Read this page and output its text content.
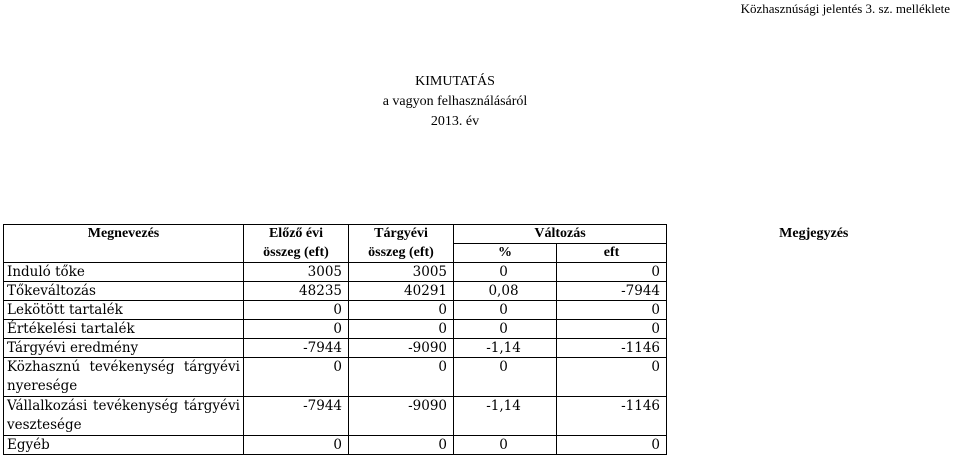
Közhasznúsági jelentés 3. sz. melléklete
KIMUTATÁS
a vagyon felhasználásáról
2013. év
Megnevezés	Előző évi	Tárgyévi	Változás		Megjegyzés
	összeg (eft)	összeg (eft)	%	eft	
Induló tőke	3005	3005	0	0	
Tőkeváltozás	48235	40291	0,08	-7944	
Lekötött tartalék	0	0	0	0	
Értékelési tartalék	0	0	0	0	
Tárgyévi eredmény	-7944	-9090	-1,14	-1146	
Közhasznú tevékenység tárgyévi nyeresége	0	0	0	0	
Vállalkozási tevékenység tárgyévi vesztesége	-7944	-9090	-1,14	-1146	
Egyéb	0	0	0	0	
